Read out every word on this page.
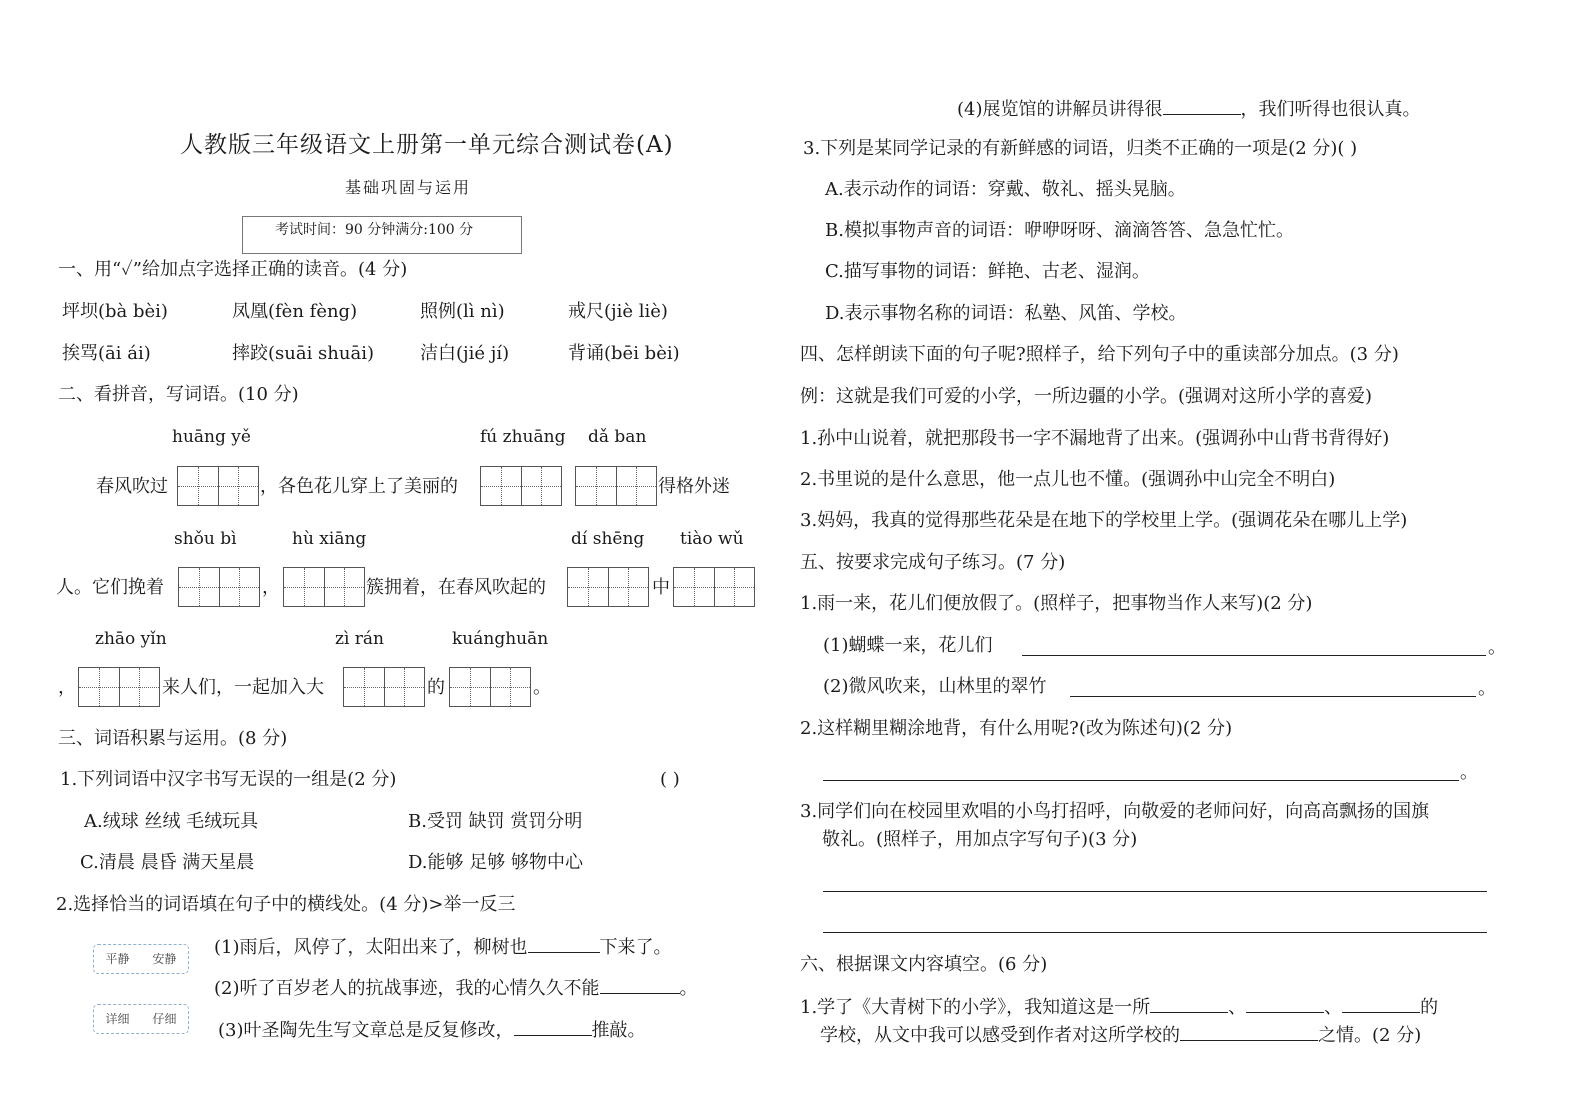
人教版三年级语文上册第一单元综合测试卷(A)
基础巩固与运用
考试时间：90 分钟满分:100 分
一、用“✓”给加点字选择正确的读音。(4 分)
坪坝(bà bèi)	凤凰(fèn fèng)	照例(lì nì)	戒尺(jiè liè)
挨骂(āi ái)	摔跤(suāi shuāi)	洁白(jié jí)	背诵(bēi bèi)
二、看拼音，写词语。(10 分)
huāng yě	fú zhuāng dǎ ban
春风吹过	，各色花儿穿上了美丽的	得格外迷
shǒu bì	hù xiāng	dí shēng tiào wǔ
人。它们挽着	，	簇拥着，在春风吹起的	中
zhāo yǐn	zì rán	kuánghuān
，	来人们，一起加入大	的	。
三、词语积累与运用。(8 分)
1.下列词语中汉字书写无误的一组是(2 分)	( )
A.绒球 丝绒 毛绒玩具	B.受罚 缺罚 赏罚分明
C.清晨 晨昏 满天星晨	D.能够 足够 够物中心
2.选择恰当的词语填在句子中的横线处。(4 分)>举一反三
平静 安静
详细 仔细
(1)雨后，风停了，太阳出来了，柳树也	下来了。
(2)听了百岁老人的抗战事迹，我的心情久久不能	。
(3)叶圣陶先生写文章总是反复修改，	推敲。
(4)展览馆的讲解员讲得很	，我们听得也很认真。
3.下列是某同学记录的有新鲜感的词语，归类不正确的一项是(2 分)( )
A.表示动作的词语：穿戴、敬礼、摇头晃脑。
B.模拟事物声音的词语：咿咿呀呀、滴滴答答、急急忙忙。
C.描写事物的词语：鲜艳、古老、湿润。
D.表示事物名称的词语：私塾、风笛、学校。
四、怎样朗读下面的句子呢?照样子，给下列句子中的重读部分加点。(3 分)
例：这就是我们可爱的小学，一所边疆的小学。(强调对这所小学的喜爱)
1.孙中山说着，就把那段书一字不漏地背了出来。(强调孙中山背书背得好)
2.书里说的是什么意思，他一点儿也不懂。(强调孙中山完全不明白)
3.妈妈，我真的觉得那些花朵是在地下的学校里上学。(强调花朵在哪儿上学)
五、按要求完成句子练习。(7 分)
1.雨一来，花儿们便放假了。(照样子，把事物当作人来写)(2 分)
(1)蝴蝶一来，花儿们	。
(2)微风吹来，山林里的翠竹	。
2.这样糊里糊涂地背，有什么用呢?(改为陈述句)(2 分)
。
3.同学们向在校园里欢唱的小鸟打招呼，向敬爱的老师问好，向高高飘扬的国旗
敬礼。(照样子，用加点字写句子)(3 分)
六、根据课文内容填空。(6 分)
1.学了《大青树下的小学》，我知道这是一所	、	、	的
学校，从文中我可以感受到作者对这所学校的	之情。(2 分)
